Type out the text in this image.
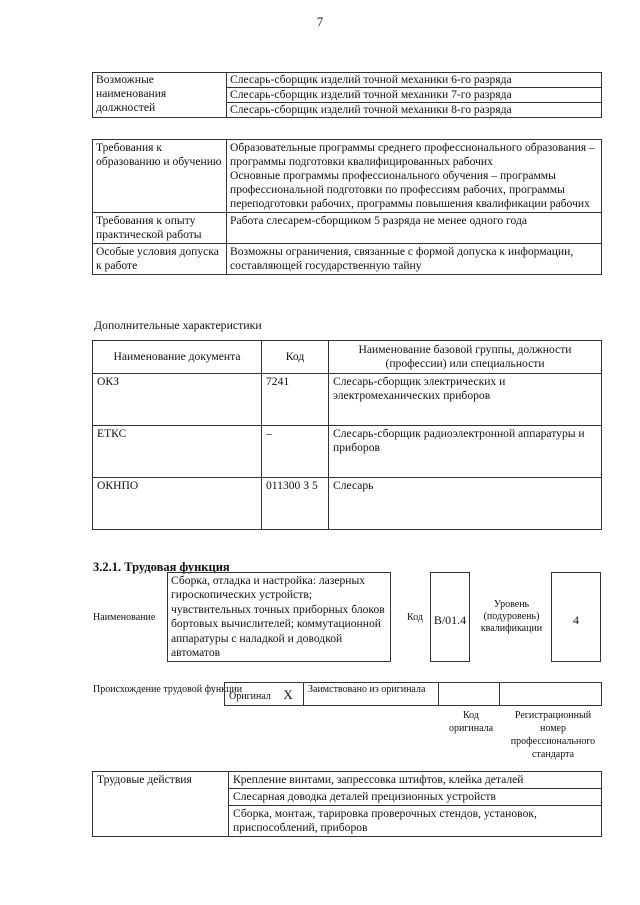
7
Возможные наименования должностей	Слесарь-сборщик изделий точной механики 6-го разряда
Слесарь-сборщик изделий точной механики 7-го разряда
Слесарь-сборщик изделий точной механики 8-го разряда
Требования к образованию и обучению	Образовательные программы среднего профессионального образования – программы подготовки квалифицированных рабочих
Основные программы профессионального обучения – программы профессиональной подготовки по профессиям рабочих, программы переподготовки рабочих, программы повышения квалификации рабочих
Требования к опыту практической работы	Работа слесарем-сборщиком 5 разряда не менее одного года
Особые условия допуска к работе	Возможны ограничения, связанные с формой допуска к информации, составляющей государственную тайну
Дополнительные характеристики
Наименование документа	Код	Наименование базовой группы, должности (профессии) или специальности
ОКЗ	7241	Слесарь-сборщик электрических и электромеханических приборов
ЕТКС	–	Слесарь-сборщик радиоэлектронной аппаратуры и приборов
ОКНПО	011300 3 5	Слесарь
3.2.1. Трудовая функция
Наименование
Сборка, отладка и настройка: лазерных гироскопических устройств; чувствительных точных приборных блоков бортовых вычислителей; коммутационной аппаратуры с наладкой и доводкой автоматов
Код B/01.4
Уровень (подуровень) квалификации
4
Происхождение трудовой функции
Оригинал X	Заимствовано из оригинала
Код оригинала
Регистрационный номер профессионального стандарта
Трудовые действия	Крепление винтами, запрессовка штифтов, клейка деталей
Слесарная доводка деталей прецизионных устройств
Сборка, монтаж, тарировка проверочных стендов, установок, приспособлений, приборов
